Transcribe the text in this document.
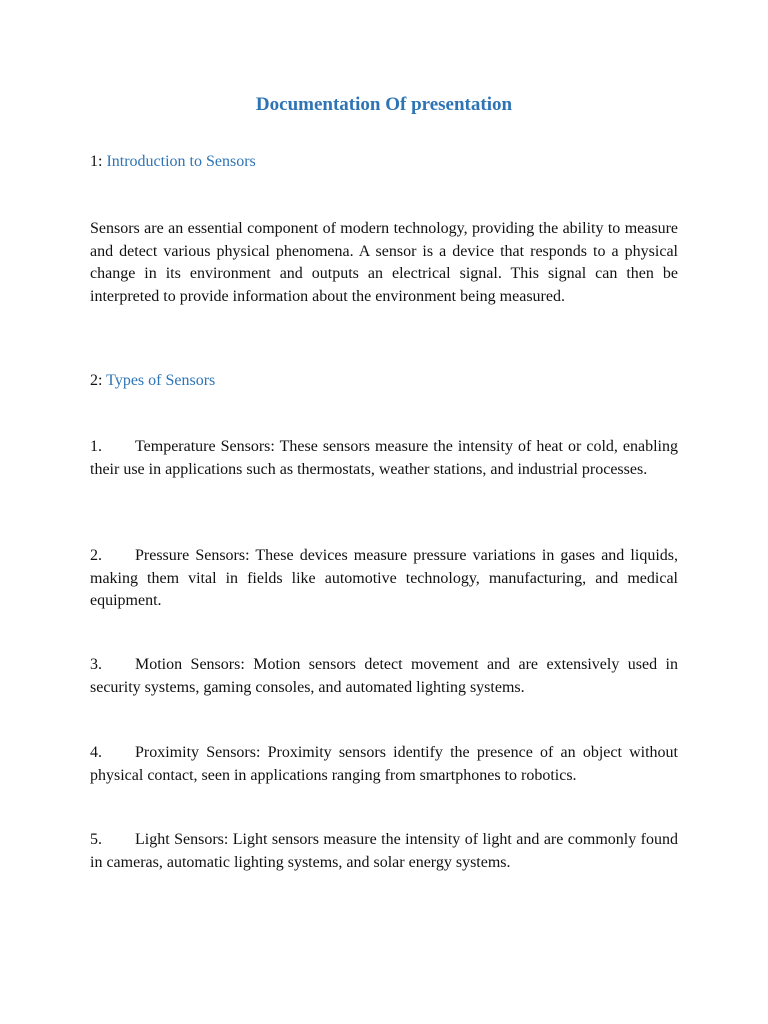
Documentation Of presentation
1: Introduction to Sensors

Sensors are an essential component of modern technology, providing the ability to measure and detect various physical phenomena. A sensor is a device that responds to a physical change in its environment and outputs an electrical signal. This signal can then be interpreted to provide information about the environment being measured.

2: Types of Sensors

1. Temperature Sensors: These sensors measure the intensity of heat or cold, enabling their use in applications such as thermostats, weather stations, and industrial processes.

2. Pressure Sensors: These devices measure pressure variations in gases and liquids, making them vital in fields like automotive technology, manufacturing, and medical equipment.

3. Motion Sensors: Motion sensors detect movement and are extensively used in security systems, gaming consoles, and automated lighting systems.

4. Proximity Sensors: Proximity sensors identify the presence of an object without physical contact, seen in applications ranging from smartphones to robotics.

5. Light Sensors: Light sensors measure the intensity of light and are commonly found in cameras, automatic lighting systems, and solar energy systems.
